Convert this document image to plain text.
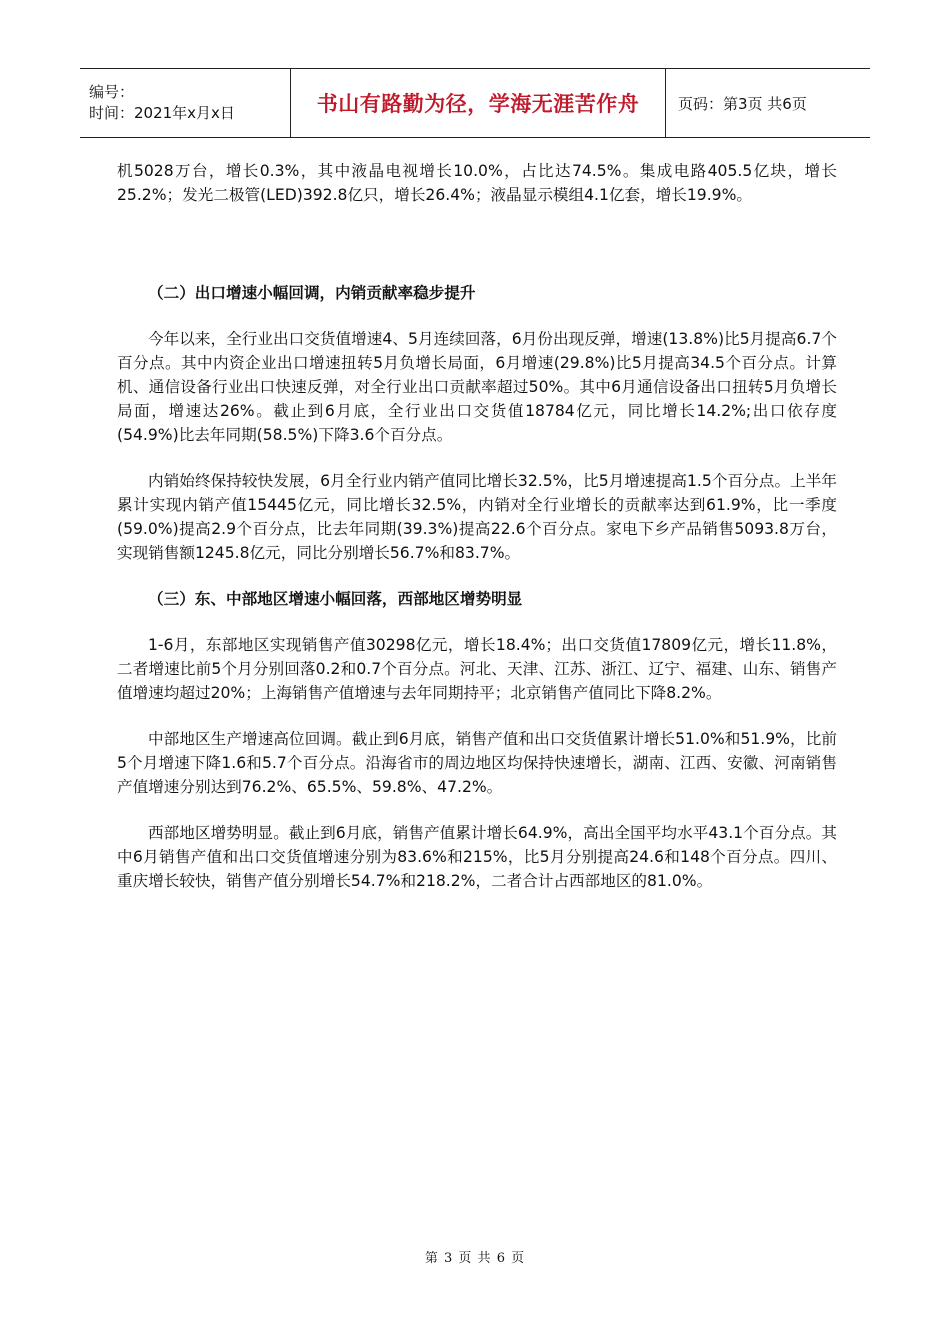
编号：
时间：2021年x月x日	书山有路勤为径，学海无涯苦作舟	页码：第3页 共6页

机5028万台，增长0.3%，其中液晶电视增长10.0%，占比达74.5%。集成电路405.5亿块，增长25.2%；发光二极管(LED)392.8亿只，增长26.4%；液晶显示模组4.1亿套，增长19.9%。

（二）出口增速小幅回调，内销贡献率稳步提升

今年以来，全行业出口交货值增速4、5月连续回落，6月份出现反弹，增速(13.8%)比5月提高6.7个百分点。其中内资企业出口增速扭转5月负增长局面，6月增速(29.8%)比5月提高34.5个百分点。计算机、通信设备行业出口快速反弹，对全行业出口贡献率超过50%。其中6月通信设备出口扭转5月负增长局面，增速达26%。截止到6月底，全行业出口交货值18784亿元，同比增长14.2%;出口依存度(54.9%)比去年同期(58.5%)下降3.6个百分点。

内销始终保持较快发展，6月全行业内销产值同比增长32.5%，比5月增速提高1.5个百分点。上半年累计实现内销产值15445亿元，同比增长32.5%，内销对全行业增长的贡献率达到61.9%，比一季度(59.0%)提高2.9个百分点，比去年同期(39.3%)提高22.6个百分点。家电下乡产品销售5093.8万台，实现销售额1245.8亿元，同比分别增长56.7%和83.7%。

（三）东、中部地区增速小幅回落，西部地区增势明显

1-6月，东部地区实现销售产值30298亿元，增长18.4%；出口交货值17809亿元，增长11.8%，二者增速比前5个月分别回落0.2和0.7个百分点。河北、天津、江苏、浙江、辽宁、福建、山东、销售产值增速均超过20%；上海销售产值增速与去年同期持平；北京销售产值同比下降8.2%。

中部地区生产增速高位回调。截止到6月底，销售产值和出口交货值累计增长51.0%和51.9%，比前5个月增速下降1.6和5.7个百分点。沿海省市的周边地区均保持快速增长，湖南、江西、安徽、河南销售产值增速分别达到76.2%、65.5%、59.8%、47.2%。

西部地区增势明显。截止到6月底，销售产值累计增长64.9%，高出全国平均水平43.1个百分点。其中6月销售产值和出口交货值增速分别为83.6%和215%，比5月分别提高24.6和148个百分点。四川、重庆增长较快，销售产值分别增长54.7%和218.2%，二者合计占西部地区的81.0%。

第 3 页 共 6 页
